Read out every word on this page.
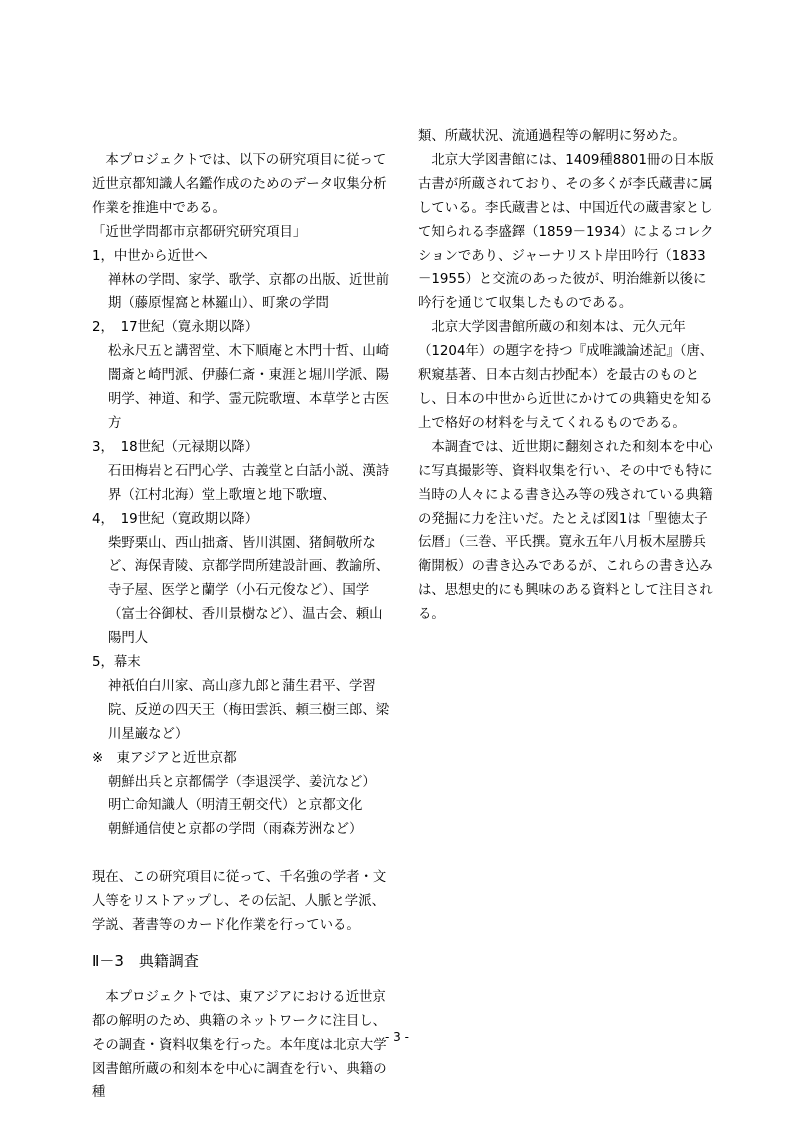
本プロジェクトでは、以下の研究項目に従って近世京都知識人名鑑作成のためのデータ収集分析作業を推進中である。

「近世学問都市京都研究研究項目」

1，中世から近世へ

禅林の学問、家学、歌学、京都の出版、近世前期（藤原惺窩と林羅山）、町衆の学問

2，　17世紀（寛永期以降）

松永尺五と講習堂、木下順庵と木門十哲、山崎闇斎と崎門派、伊藤仁斎・東涯と堀川学派、陽明学、神道、和学、霊元院歌壇、本草学と古医方

3，　18世紀（元禄期以降）

石田梅岩と石門心学、古義堂と白話小説、漢詩界（江村北海）堂上歌壇と地下歌壇、

4，　19世紀（寛政期以降）

柴野栗山、西山拙斎、皆川淇園、猪飼敬所など、海保青陵、京都学問所建設計画、教諭所、寺子屋、医学と蘭学（小石元俊など）、国学（富士谷御杖、香川景樹など）、温古会、頼山陽門人

5，幕末

神祇伯白川家、高山彦九郎と蒲生君平、学習院、反逆の四天王（梅田雲浜、頼三樹三郎、梁川星巌など）

※　東アジアと近世京都

朝鮮出兵と京都儒学（李退渓学、姜沆など）

明亡命知識人（明清王朝交代）と京都文化

朝鮮通信使と京都の学問（雨森芳洲など）

現在、この研究項目に従って、千名強の学者・文人等をリストアップし、その伝記、人脈と学派、学説、著書等のカード化作業を行っている。

Ⅱ－3　典籍調査

本プロジェクトでは、東アジアにおける近世京都の解明のため、典籍のネットワークに注目し、その調査・資料収集を行った。本年度は北京大学図書館所蔵の和刻本を中心に調査を行い、典籍の種

類、所蔵状況、流通過程等の解明に努めた。

北京大学図書館には、1409種8801冊の日本版古書が所蔵されており、その多くが李氏蔵書に属している。李氏蔵書とは、中国近代の蔵書家として知られる李盛鐸（1859－1934）によるコレクションであり、ジャーナリスト岸田吟行（1833－1955）と交流のあった彼が、明治維新以後に吟行を通じて収集したものである。

北京大学図書館所蔵の和刻本は、元久元年（1204年）の題字を持つ『成唯識論述記』（唐、釈窺基著、日本古刻古抄配本）を最古のものとし、日本の中世から近世にかけての典籍史を知る上で格好の材料を与えてくれるものである。

本調査では、近世期に翻刻された和刻本を中心に写真撮影等、資料収集を行い、その中でも特に当時の人々による書き込み等の残されている典籍の発掘に力を注いだ。たとえば図1は「聖徳太子伝暦」（三巻、平氏撰。寛永五年八月板木屋勝兵衛開板）の書き込みであるが、これらの書き込みは、思想史的にも興味のある資料として注目される。

- 3 -
